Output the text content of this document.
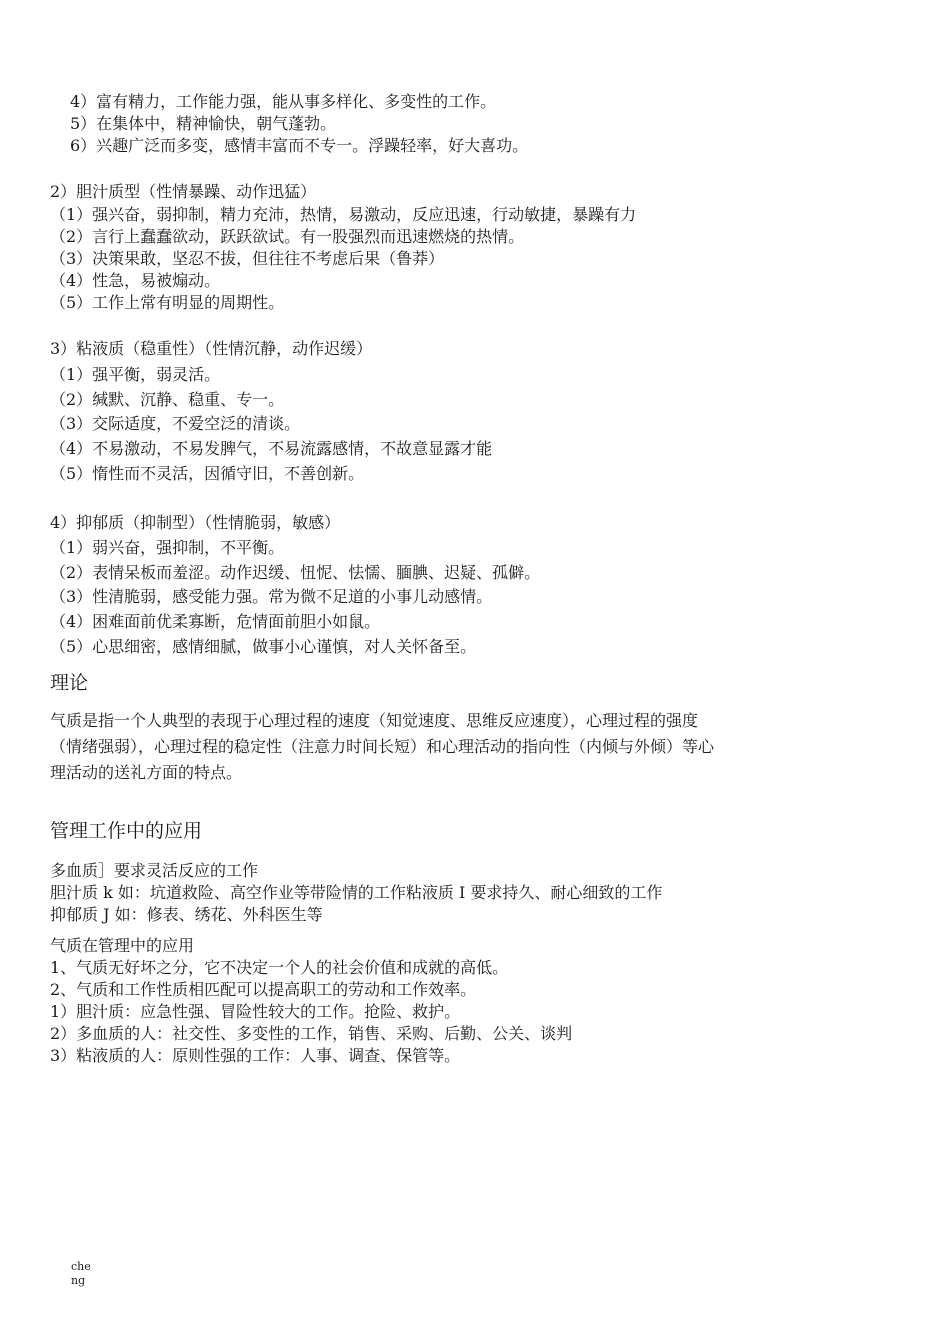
4）富有精力，工作能力强，能从事多样化、多变性的工作。
5）在集体中，精神愉快，朝气蓬勃。
6）兴趣广泛而多变，感情丰富而不专一。浮躁轻率，好大喜功。
2）胆汁质型（性情暴躁、动作迅猛）
（1）强兴奋，弱抑制，精力充沛，热情，易激动，反应迅速，行动敏捷，暴躁有力
（2）言行上蠢蠢欲动，跃跃欲试。有一股强烈而迅速燃烧的热情。
（3）决策果敢，坚忍不拔，但往往不考虑后果（鲁莽）
（4）性急，易被煽动。
（5）工作上常有明显的周期性。
3）粘液质（稳重性）（性情沉静，动作迟缓）
（1）强平衡，弱灵活。
（2）缄默、沉静、稳重、专一。
（3）交际适度，不爱空泛的清谈。
（4）不易激动，不易发脾气，不易流露感情，不故意显露才能
（5）惰性而不灵活，因循守旧，不善创新。
4）抑郁质（抑制型）（性情脆弱，敏感）
（1）弱兴奋，强抑制，不平衡。
（2）表情呆板而羞涩。动作迟缓、忸怩、怯懦、腼腆、迟疑、孤僻。
（3）性清脆弱，感受能力强。常为微不足道的小事儿动感情。
（4）困难面前优柔寡断，危情面前胆小如鼠。
（5）心思细密，感情细腻，做事小心谨慎，对人关怀备至。
理论
气质是指一个人典型的表现于心理过程的速度（知觉速度、思维反应速度），心理过程的强度
（情绪强弱），心理过程的稳定性（注意力时间长短）和心理活动的指向性（内倾与外倾）等心
理活动的送礼方面的特点。
管理工作中的应用
多血质］要求灵活反应的工作
胆汁质 k 如：坑道救险、高空作业等带险情的工作粘液质 I 要求持久、耐心细致的工作
抑郁质 J 如：修表、绣花、外科医生等
气质在管理中的应用
1、气质无好坏之分，它不决定一个人的社会价值和成就的高低。
2、气质和工作性质相匹配可以提高职工的劳动和工作效率。
1）胆汁质：应急性强、冒险性较大的工作。抢险、救护。
2）多血质的人：社交性、多变性的工作，销售、采购、后勤、公关、谈判
3）粘液质的人：原则性强的工作：人事、调查、保管等。
che
ng
